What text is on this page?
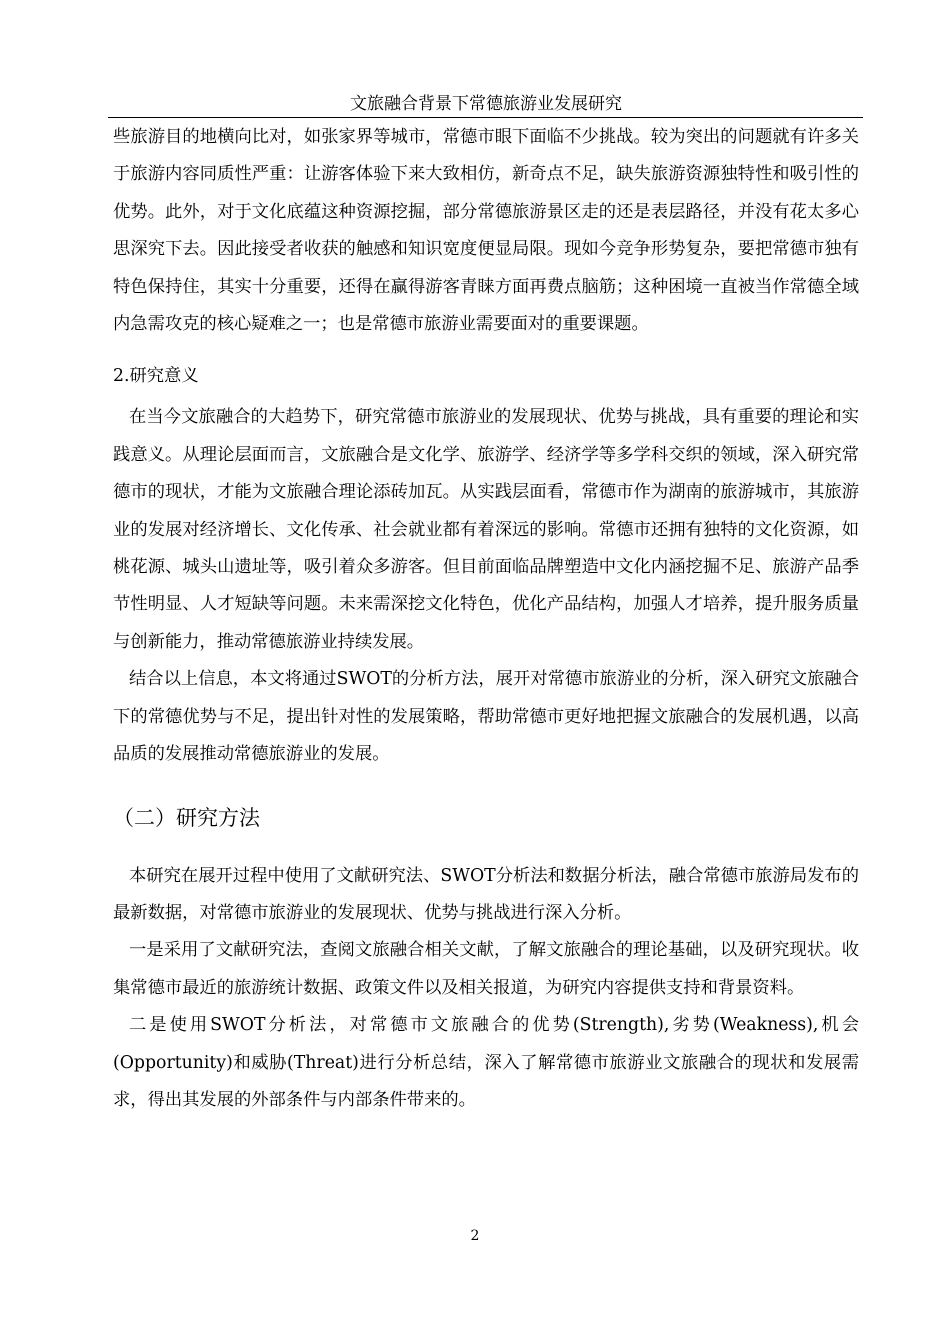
文旅融合背景下常德旅游业发展研究

些旅游目的地横向比对，如张家界等城市，常德市眼下面临不少挑战。较为突出的问题就有许多关于旅游内容同质性严重：让游客体验下来大致相仿，新奇点不足，缺失旅游资源独特性和吸引性的优势。此外，对于文化底蕴这种资源挖掘，部分常德旅游景区走的还是表层路径，并没有花太多心思深究下去。因此接受者收获的触感和知识宽度便显局限。现如今竞争形势复杂，要把常德市独有特色保持住，其实十分重要，还得在赢得游客青睐方面再费点脑筋；这种困境一直被当作常德全域内急需攻克的核心疑难之一；也是常德市旅游业需要面对的重要课题。

2.研究意义

在当今文旅融合的大趋势下，研究常德市旅游业的发展现状、优势与挑战，具有重要的理论和实践意义。从理论层面而言，文旅融合是文化学、旅游学、经济学等多学科交织的领域，深入研究常德市的现状，才能为文旅融合理论添砖加瓦。从实践层面看，常德市作为湖南的旅游城市，其旅游业的发展对经济增长、文化传承、社会就业都有着深远的影响。常德市还拥有独特的文化资源，如桃花源、城头山遗址等，吸引着众多游客。但目前面临品牌塑造中文化内涵挖掘不足、旅游产品季节性明显、人才短缺等问题。未来需深挖文化特色，优化产品结构，加强人才培养，提升服务质量与创新能力，推动常德旅游业持续发展。

结合以上信息，本文将通过SWOT的分析方法，展开对常德市旅游业的分析，深入研究文旅融合下的常德优势与不足，提出针对性的发展策略，帮助常德市更好地把握文旅融合的发展机遇，以高品质的发展推动常德旅游业的发展。

（二）研究方法

本研究在展开过程中使用了文献研究法、SWOT分析法和数据分析法，融合常德市旅游局发布的最新数据，对常德市旅游业的发展现状、优势与挑战进行深入分析。

一是采用了文献研究法，查阅文旅融合相关文献，了解文旅融合的理论基础，以及研究现状。收集常德市最近的旅游统计数据、政策文件以及相关报道，为研究内容提供支持和背景资料。

二是使用SWOT分析法，对常德市文旅融合的优势(Strength),劣势(Weakness),机会(Opportunity)和威胁(Threat)进行分析总结，深入了解常德市旅游业文旅融合的现状和发展需求，得出其发展的外部条件与内部条件带来的。

2
